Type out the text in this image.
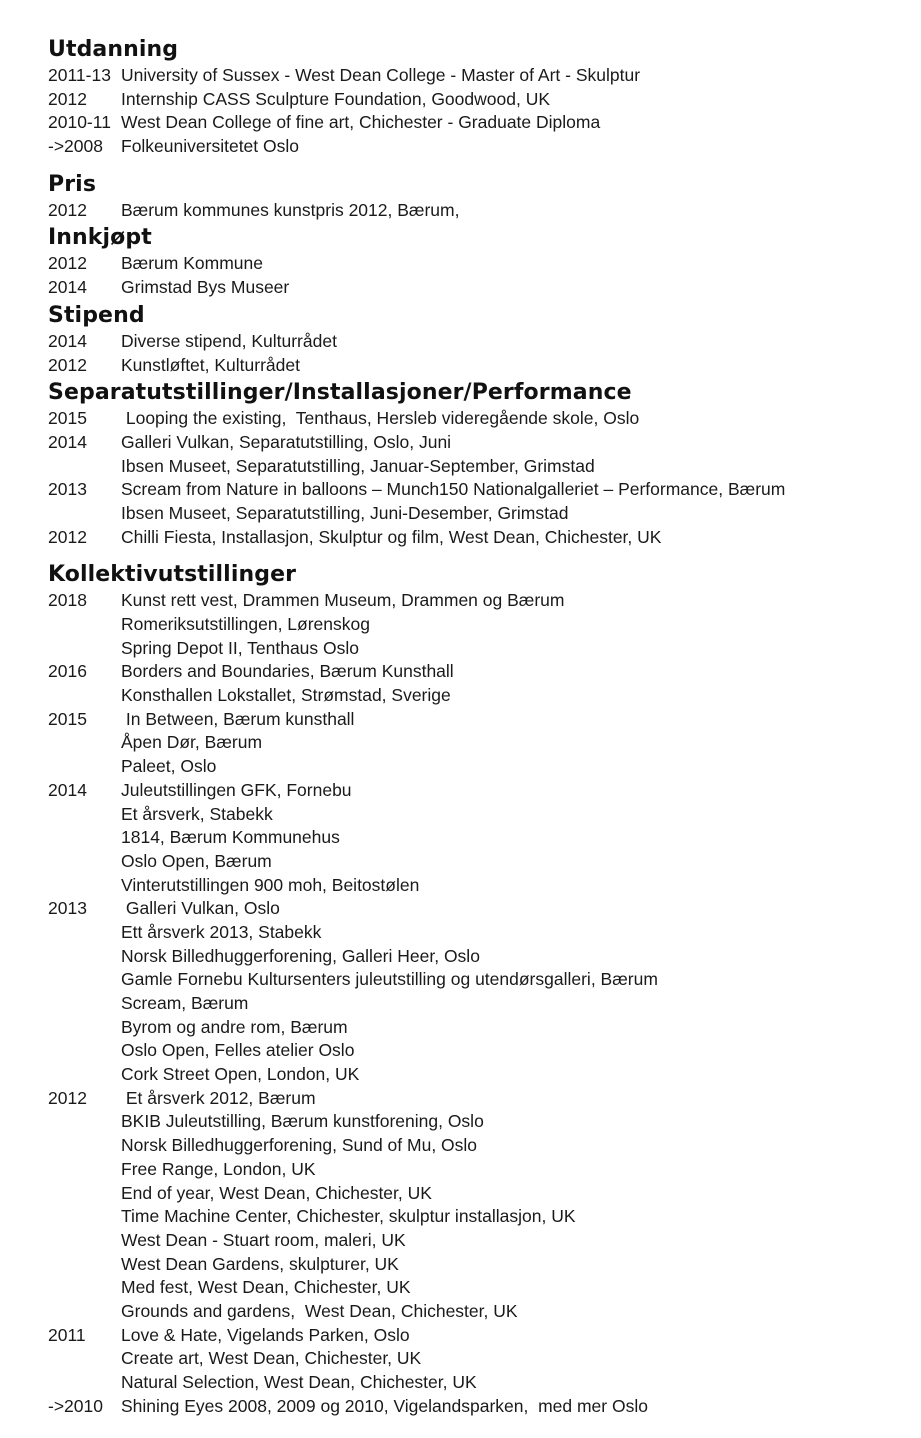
Utdanning
2011-13 University of Sussex - West Dean College - Master of Art - Skulptur
2012	Internship CASS Sculpture Foundation, Goodwood, UK
2010-11 West Dean College of fine art, Chichester - Graduate Diploma
->2008	Folkeuniversitetet Oslo
Pris
2012	Bærum kommunes kunstpris 2012, Bærum,
Innkjøpt
2012	Bærum Kommune
2014	Grimstad Bys Museer
Stipend
2014	Diverse stipend, Kulturrådet
2012	Kunstløftet, Kulturrådet
Separatutstillinger/Installasjoner/Performance
2015	Looping the existing,  Tenthaus, Hersleb videregående skole, Oslo
2014	Galleri Vulkan, Separatutstilling, Oslo, Juni
Ibsen Museet, Separatutstilling, Januar-September, Grimstad
2013	Scream from Nature in balloons – Munch150 Nationalgalleriet – Performance, Bærum
Ibsen Museet, Separatutstilling, Juni-Desember, Grimstad
2012	Chilli Fiesta, Installasjon, Skulptur og film, West Dean, Chichester, UK
Kollektivutstillinger
2018	Kunst rett vest, Drammen Museum, Drammen og Bærum
Romeriksutstillingen, Lørenskog
Spring Depot II, Tenthaus Oslo
2016	Borders and Boundaries, Bærum Kunsthall
Konsthallen Lokstallet, Strømstad, Sverige
2015	In Between, Bærum kunsthall
Åpen Dør, Bærum
Paleet, Oslo
2014	Juleutstillingen GFK, Fornebu
Et årsverk, Stabekk
1814, Bærum Kommunehus
Oslo Open, Bærum
Vinterutstillingen 900 moh, Beitostølen
2013	Galleri Vulkan, Oslo
Ett årsverk 2013, Stabekk
Norsk Billedhuggerforening, Galleri Heer, Oslo
Gamle Fornebu Kultursenters juleutstilling og utendørsgalleri, Bærum
Scream, Bærum
Byrom og andre rom, Bærum
Oslo Open, Felles atelier Oslo
Cork Street Open, London, UK
2012	Et årsverk 2012, Bærum
BKIB Juleutstilling, Bærum kunstforening, Oslo
Norsk Billedhuggerforening, Sund of Mu, Oslo
Free Range, London, UK
End of year, West Dean, Chichester, UK
Time Machine Center, Chichester, skulptur installasjon, UK
West Dean - Stuart room, maleri, UK
West Dean Gardens, skulpturer, UK
Med fest, West Dean, Chichester, UK
Grounds and gardens,  West Dean, Chichester, UK
2011	Love & Hate, Vigelands Parken, Oslo
Create art, West Dean, Chichester, UK
Natural Selection, West Dean, Chichester, UK
->2010	Shining Eyes 2008, 2009 og 2010, Vigelandsparken,  med mer Oslo
